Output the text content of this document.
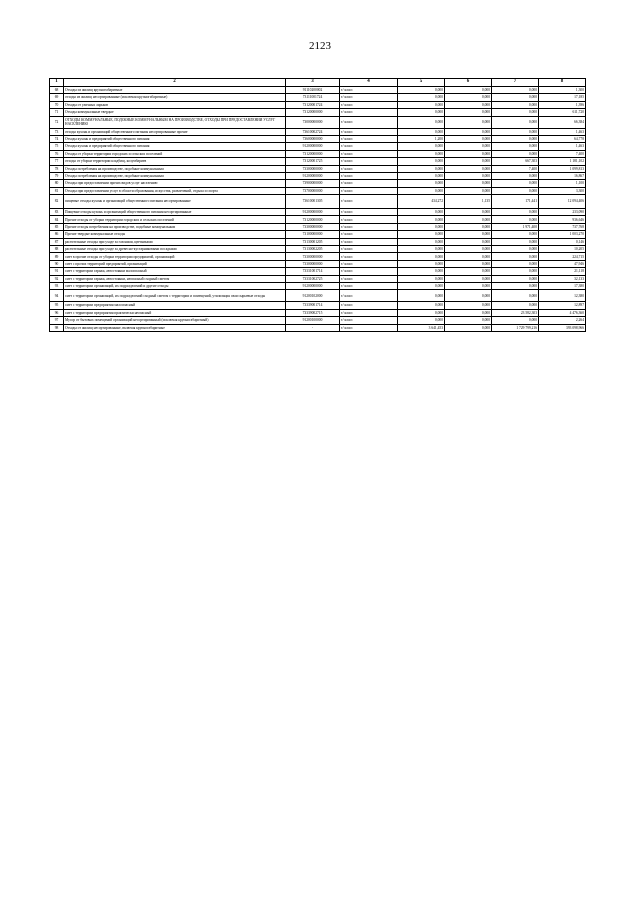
2123
1	2	3	4	5	6	7	8
68	Отходы из жилищ крупногабаритные	91110200002	т/ класс	0,000	0,000	0,000	1,300
69	отходы из жилищ несортированные (исключая крупногабаритные)	73111001724	т/ класс	0,000	0,000	0,000	17,185
70	Отходы от уличных ларьков	73120001724	т/ класс	0,000	0,000	0,000	1,396
71	Отходы коммунальные твердые	73120000000	т/ класс	0,000	0,000	0,000	611,720
72	ОТХОДЫ КОММУНАЛЬНЫЕ, ПОДОБНЫЕ КОММУНАЛЬНЫМ НА ПРОИЗВОДСТВЕ, ОТХОДЫ ПРИ ПРЕДОСТАВЛЕНИИ УСЛУГ НАСЕЛЕНИЮ	73000000000	т/ класс	0,000	0,000	0,000	66,384
73	отходы кухонь и организаций общественного питания несортированные прочие	73610002724	т/ класс	0,000	0,000	0,000	1,463
74	Отходы кухонь и предприятий общественного питания	73600000000	т/ класс	1,200	0,000	0,000	64,778
75	Отходы кухонь и предприятий общественного питания	91200000000	т/ класс	0,000	0,000	0,000	1,463
76	Отходы от уборки территории городских и сельских поселений	73120000000	т/ класс	0,000	0,000	0,000	7,400
77	отходы от уборки территории кладбищ, колумбариев	73120001725	т/ класс	0,000	0,000	667,303	1 181,102
78	Отходы потребления на производстве, подобные коммунальным	73300000000	т/ класс	0,000	0,000	7,400	1 099,813
79	Отходы потребления на производстве, подобные коммунальным	91200000000	т/ класс	0,000	0,000	0,000	16,867
80	Отходы при предоставлении прочих видов услуг населению	73900000000	т/ класс	0,000	0,000	0,000	1,100
81	Отходы при предоставлении услуг в области образования, искусства, развлечений, отдыха и спорта	73700000000	т/ класс	0,000	0,000	0,000	3,300
82	пищевые отходы кухонь и организаций общественного питания несортированные	73610001305	т/ класс	434,272	1,135	171,441	12 094,406
83	Пищевые отходы кухонь и организаций общественного питания несортированные	91200000000	т/ класс	0,000	0,000	0,000	233,090
84	Прочие отходы от уборки территории городских и сельских поселений	73120000000	т/ класс	0,000	0,000	0,000	936,646
85	Прочие отходы потребления на производстве, подобные коммунальным	73300000000	т/ класс	0,000	0,000	1 971,400	737,768
86	Прочие твердые коммунальные отходы	73100000000	т/ класс	0,000	0,000	0,000	1 003,270
87	растительные отходы при уходе за газонами, цветниками	73130001205	т/ класс	0,000	0,000	0,000	0,146
88	растительные отходы при уходе за древесно-кустарниковыми посадками	73130002205	т/ класс	0,000	0,000	0,000	10,205
89	смет в прочие отходы от уборки территории предприятий, организаций	73300000000	т/ класс	0,000	0,000	0,000	224,715
90	смет с прочих территорий предприятий, организаций	73300000000	т/ класс	0,000	0,000	0,000	47,946
91	смет с территории гаража, автостоянки малоопасный	73331001714	т/ класс	0,000	0,000	0,000	21,118
92	смет с территории гаража, автостоянки, неопасный сходный сметом	73331002725	т/ класс	0,000	0,000	0,000	32,133
93	смет с территории организаций, их подразделений и другие отходы	91200000000	т/ класс	0,000	0,000	0,000	17,380
94	смет с территории организаций, их подразделений сходный сметом с территории и помещений, утилизация сваи сырьевые отходы	91200102000	т/ класс	0,000	0,000	0,000	12,380
95	смет с территории предприятия малоопасный	73339001714	т/ класс	0,000	0,000	0,000	12,897
96	смет с территории предприятия практически неопасный	73339002715	т/ класс	0,000	0,000	23 582,303	4 476,360
97	Мусор от бытовых помещений организаций несортированный (исключая крупногабаритный)	91200100000	т/ класс	0,000	0,000	0,000	2,264
98	Отходы от жилищ несортированные, включая крупногабаритные	-	т/ класс	3 641,453	0,000	1 729 799,216	393 098,966
